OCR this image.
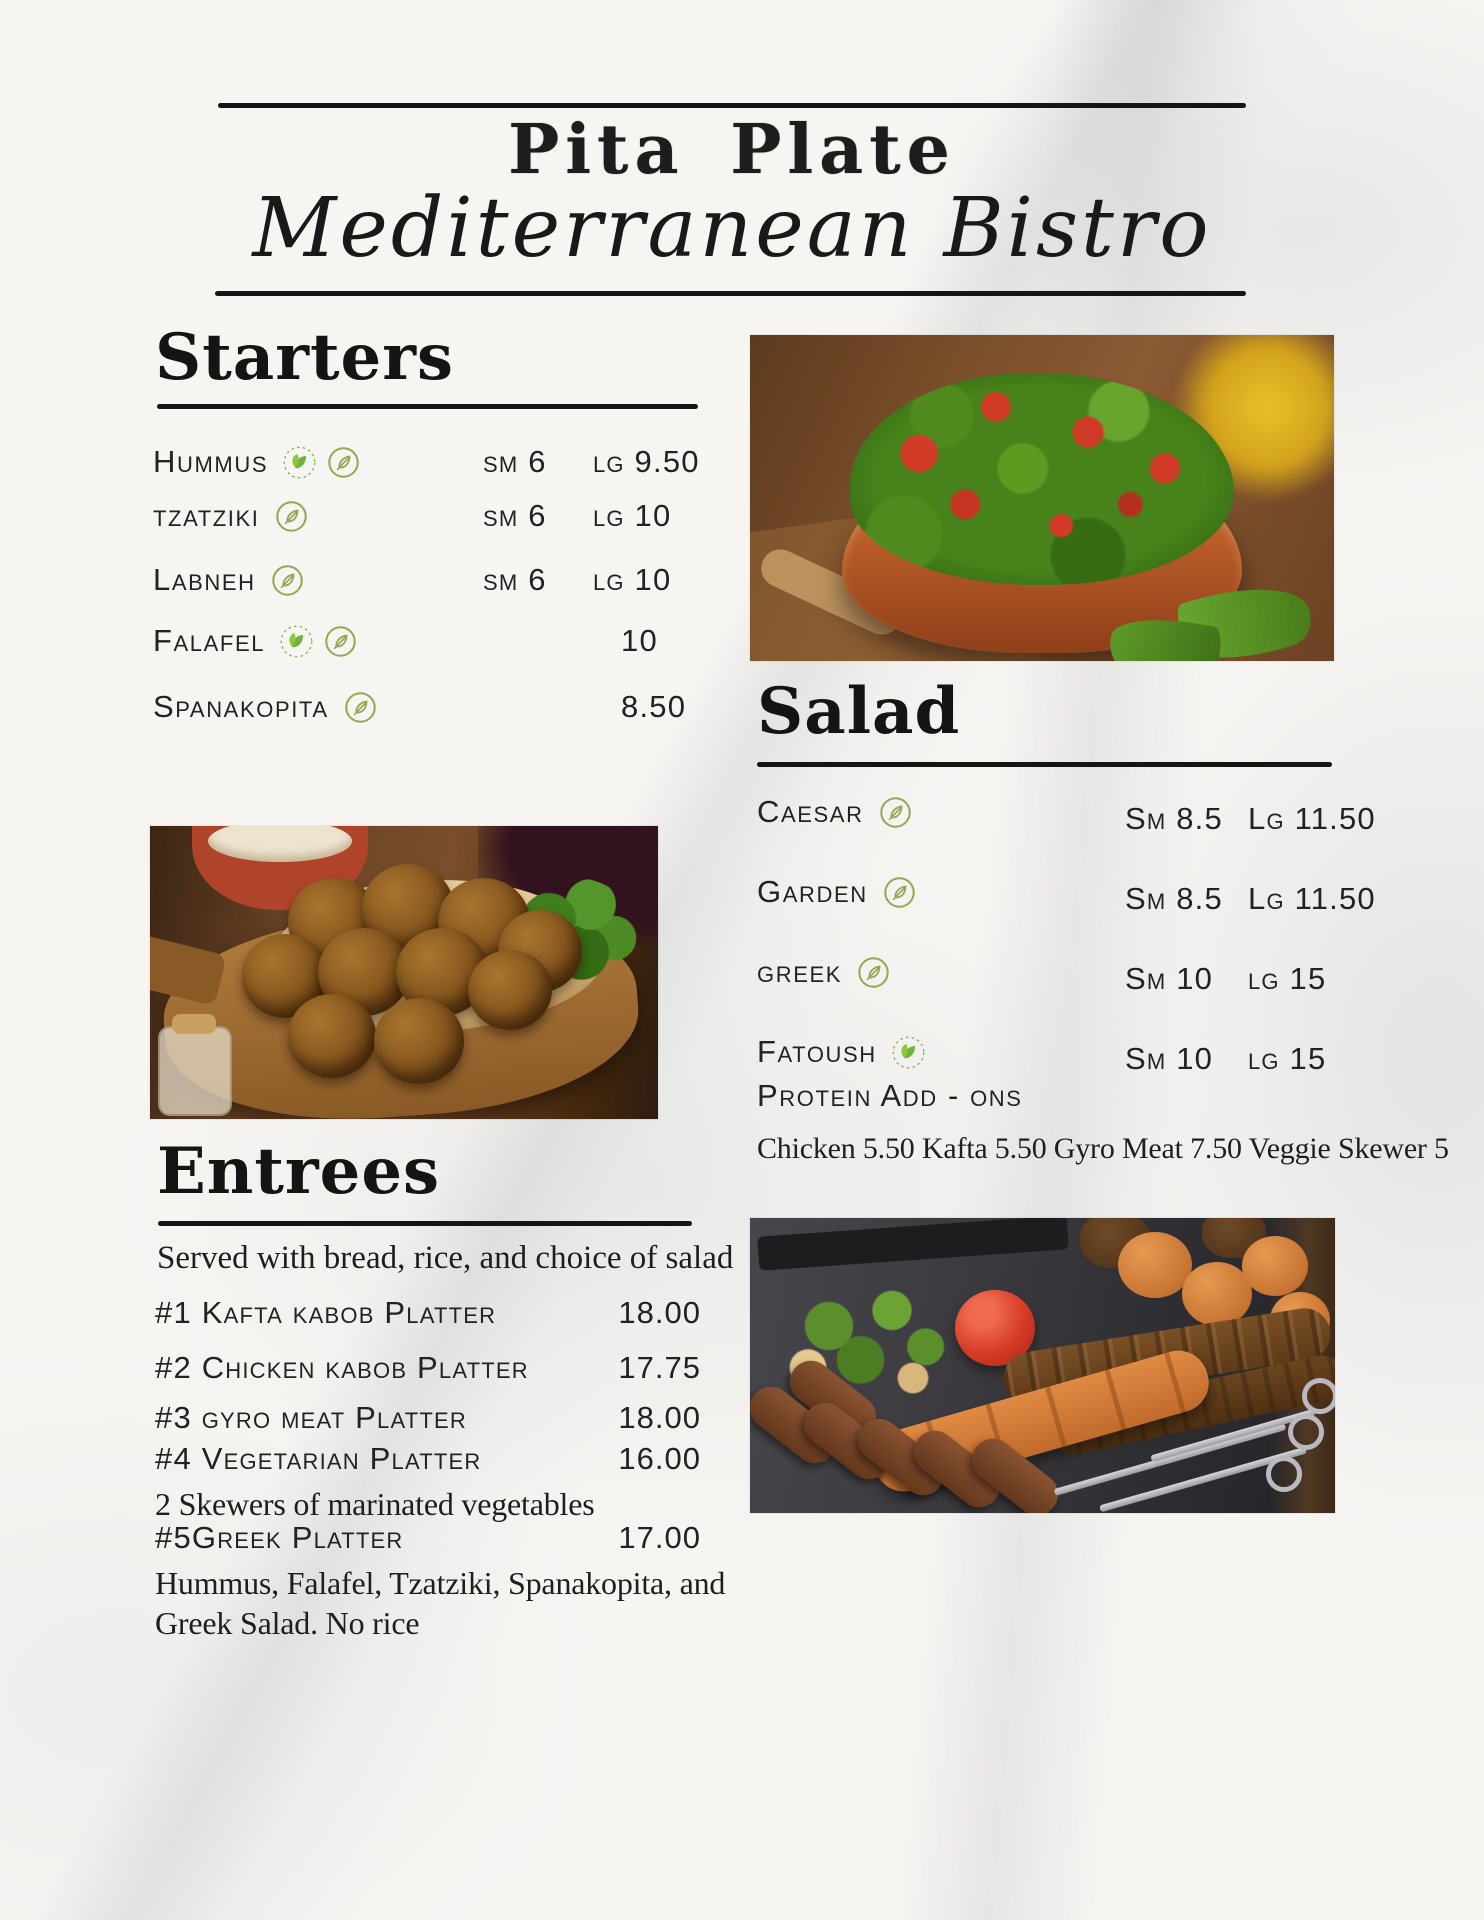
Pita Plate
Mediterranean Bistro
Starters
Hummus	sm 6 lg 9.50
tzatziki	sm 6 lg 10
Labneh	sm 6 lg 10
Falafel	10
Spanakopita	8.50 Salad
Caesar	Sm 8.5 Lg 11.50
Garden	Sm 8.5 Lg 11.50
greek	Sm 10 lg 15
Fatoush	Sm 10 lg 15
Protein Add - ons
Chicken 5.50 Kafta 5.50 Gyro Meat 7.50 Veggie Skewer 5
Entrees
Served with bread, rice, and choice of salad
#1 Kafta kabob Platter	18.00
#2 Chicken kabob Platter	17.75
#3 gyro meat Platter	18.00
#4 Vegetarian Platter	16.00

2 Skewers of marinated vegetables

#5Greek Platter	17.00

Hummus, Falafel, Tzatziki, Spanakopita, and Greek Salad. No rice
